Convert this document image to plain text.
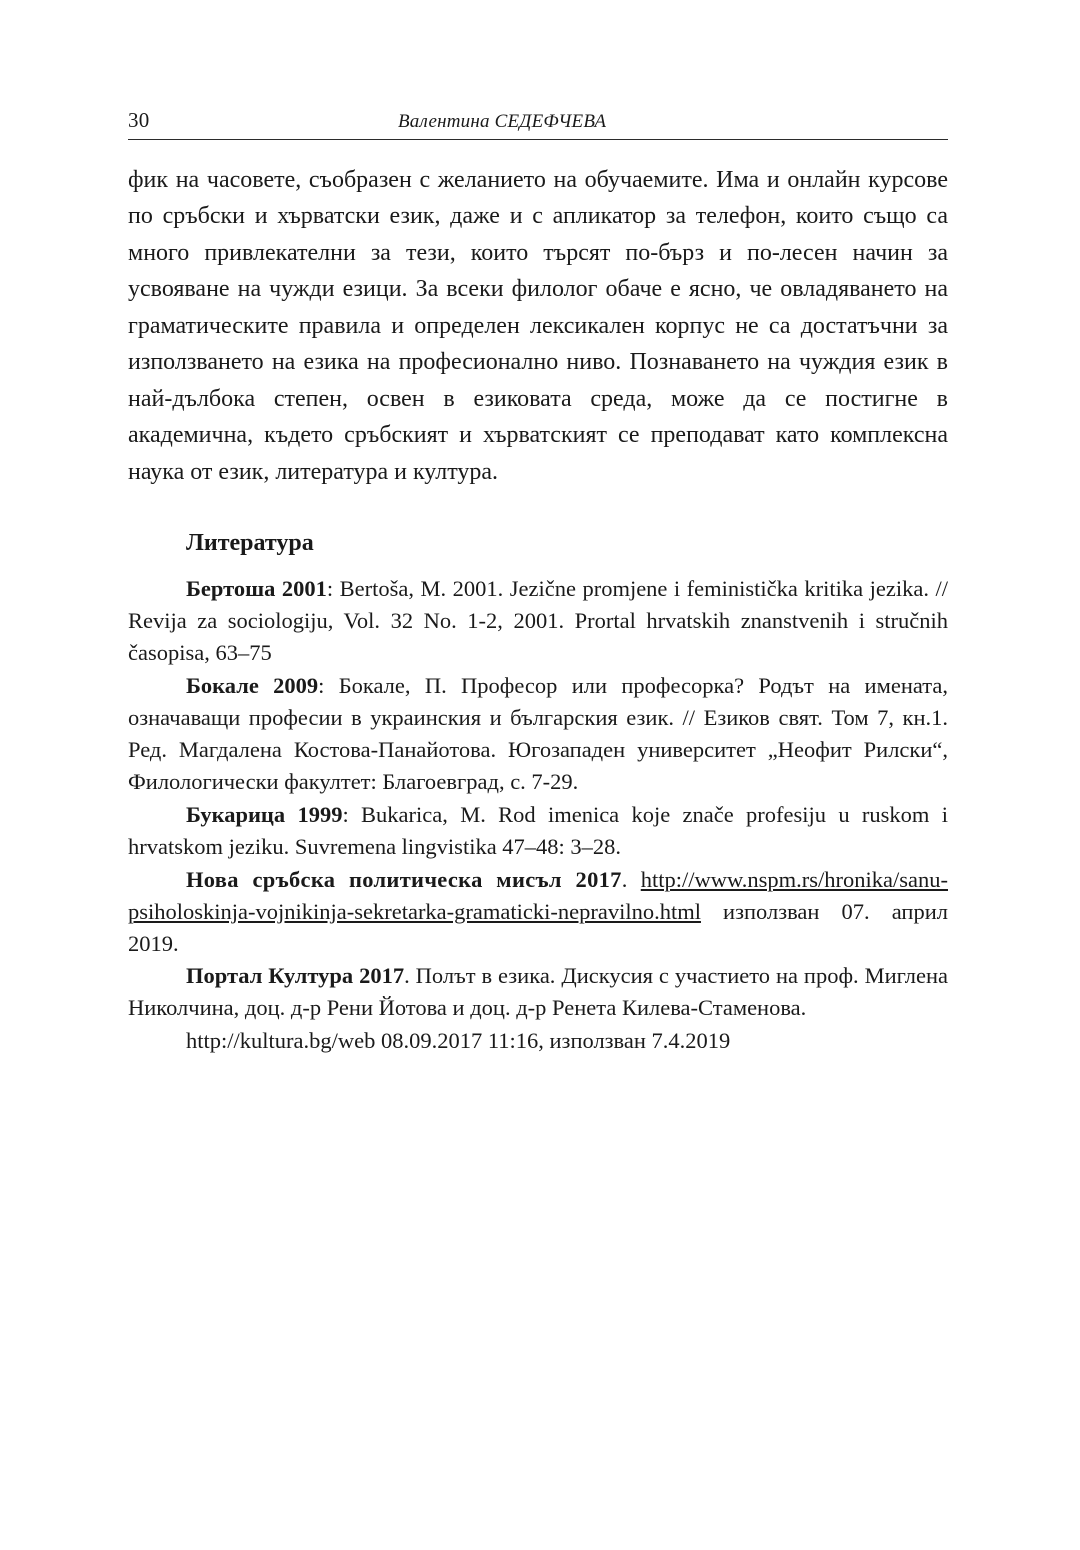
30	Валентина СЕДЕФЧЕВА
фик на часовете, съобразен с желанието на обучаемите. Има и онлайн курсове по сръбски и хърватски език, даже и с апликатор за телефон, които също са много привлекателни за тези, които търсят по-бърз и по-лесен начин за усвояване на чужди езици. За всеки филолог обаче е ясно, че овладяването на граматическите правила и определен лексикален корпус не са достатъчни за използването на езика на професионално ниво. Познаването на чуждия език в най-дълбока степен, освен в езиковата среда, може да се постигне в академична, където сръбският и хърватският се преподават като комплексна наука от език, литература и култура.
Литература
Бертоша 2001: Bertoša, M. 2001. Jezične promjene i feministička kritika jezika. // Revija za sociologiju, Vol. 32 No. 1-2, 2001. Prortal hrvatskih znanstvenih i stručnih časopisa, 63–75
Бокале 2009: Бокале, П. Професор или професорка? Родът на имената, означаващи професии в украинския и българския език. // Езиков свят. Том 7, кн.1. Ред. Магдалена Костова-Панайотова. Югозападен университет „Неофит Рилски“, Филологически факултет: Благоевград, с. 7-29.
Букарица 1999: Bukarica, M. Rod imenica koje znače profesiju u ruskom i hrvatskom jeziku. Suvremena lingvistika 47–48: 3–28.
Нова сръбска политическа мисъл 2017. http://www.nspm.rs/hronika/sanu-psiholoskinja-vojnikinja-sekretarka-gramaticki-nepravilno.html използван 07. април 2019.
Портал Култура 2017. Полът в езика. Дискусия с участието на проф. Миглена Николчина, доц. д-р Рени Йотова и доц. д-р Ренета Килева-Стаменова.
http://kultura.bg/web 08.09.2017 11:16, използван 7.4.2019
